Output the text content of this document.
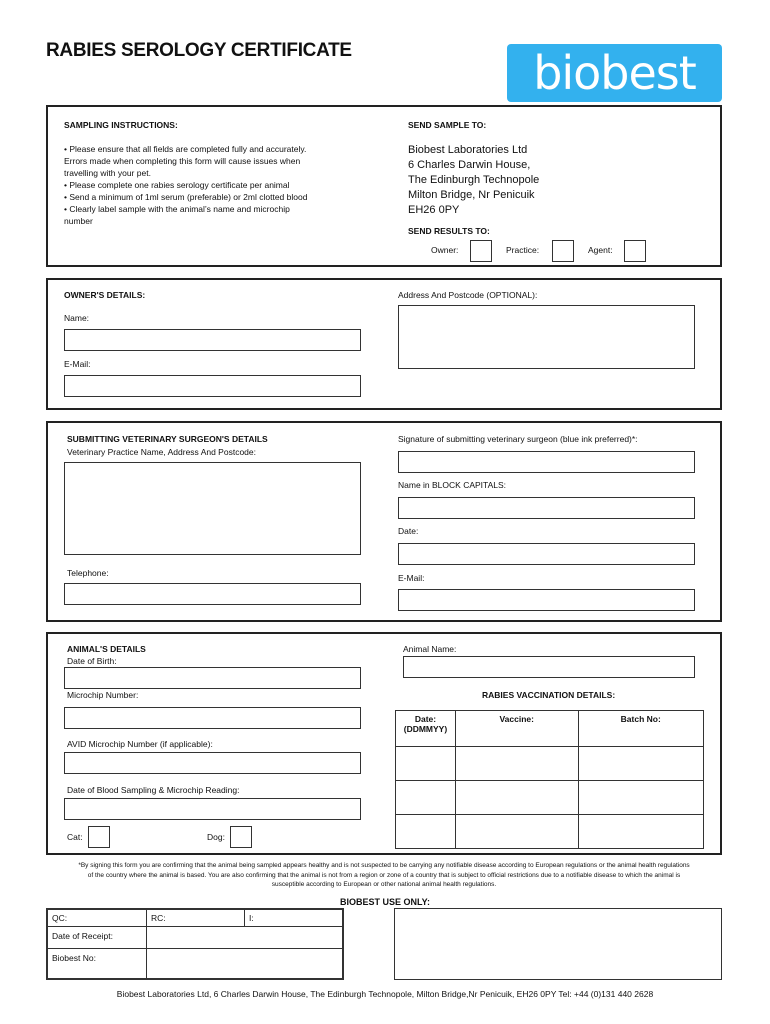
RABIES SEROLOGY CERTIFICATE	biobest
SAMPLING INSTRUCTIONS:
• Please ensure that all fields are completed fully and accurately.
Errors made when completing this form will cause issues when
travelling with your pet.
• Please complete one rabies serology certificate per animal
• Send a minimum of 1ml serum (preferable) or 2ml clotted blood
• Clearly label sample with the animal’s name and microchip
number
SEND SAMPLE TO:
Biobest Laboratories Ltd
6 Charles Darwin House,
The Edinburgh Technopole
Milton Bridge, Nr Penicuik
EH26 0PY
SEND RESULTS TO:
Owner:	Practice:	Agent:
OWNER'S DETAILS:	Address And Postcode (OPTIONAL):
Name:
E-Mail:
SUBMITTING VETERINARY SURGEON'S DETAILS
Veterinary Practice Name, Address And Postcode:
Signature of submitting veterinary surgeon (blue ink preferred)*:
Name in BLOCK CAPITALS:
Date:
Telephone:	E-Mail:
ANIMAL'S DETAILS
Date of Birth:
Animal Name:
Microchip Number:	RABIES VACCINATION DETAILS:
AVID Microchip Number (if applicable):
Date of Blood Sampling & Microchip Reading:
Cat:	Dog:
Date:
(DDMMYY)	Vaccine:	Batch No:

*By signing this form you are confirming that the animal being sampled appears healthy and is not suspected to be carrying any notifiable disease according to European regulations or the animal health regulations
of the country where the animal is based. You are also confirming that the animal is not from a region or zone of a country that is subject to official restrictions due to a notifiable disease to which the animal is
susceptible according to European or other national animal health regulations.
BIOBEST USE ONLY:
QC:	RC:	I:
Date of Receipt:
Biobest No:
Biobest Laboratories Ltd, 6 Charles Darwin House, The Edinburgh Technopole, Milton Bridge,Nr Penicuik, EH26 0PY Tel: +44 (0)131 440 2628
